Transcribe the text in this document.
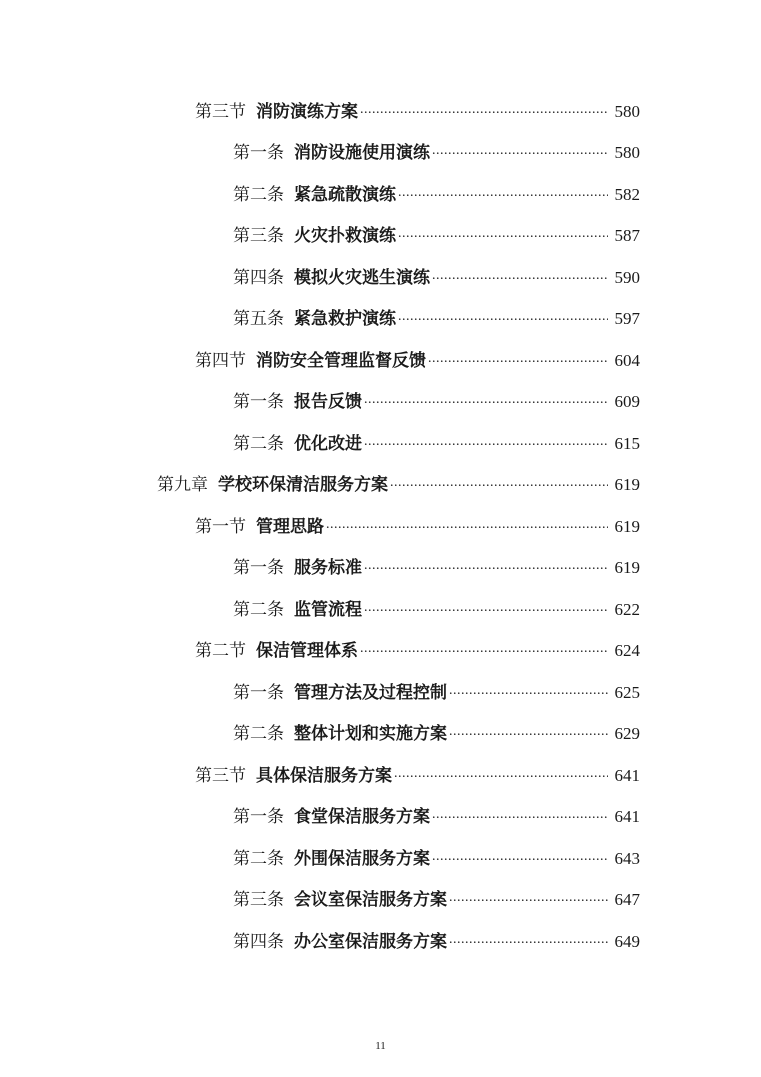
第三节 消防演练方案 .....	580
第一条 消防设施使用演练 .....	580
第二条 紧急疏散演练 .....	582
第三条 火灾扑救演练 .....	587
第四条 模拟火灾逃生演练 .....	590
第五条 紧急救护演练 .....	597
第四节 消防安全管理监督反馈 .....	604
第一条 报告反馈 .....	609
第二条 优化改进 .....	615
第九章 学校环保清洁服务方案 .....	619
第一节 管理思路 .....	619
第一条 服务标准 .....	619
第二条 监管流程 .....	622
第二节 保洁管理体系 .....	624
第一条 管理方法及过程控制 .....	625
第二条 整体计划和实施方案 .....	629
第三节 具体保洁服务方案 .....	641
第一条 食堂保洁服务方案 .....	641
第二条 外围保洁服务方案 .....	643
第三条 会议室保洁服务方案 .....	647
第四条 办公室保洁服务方案 .....	649
11
